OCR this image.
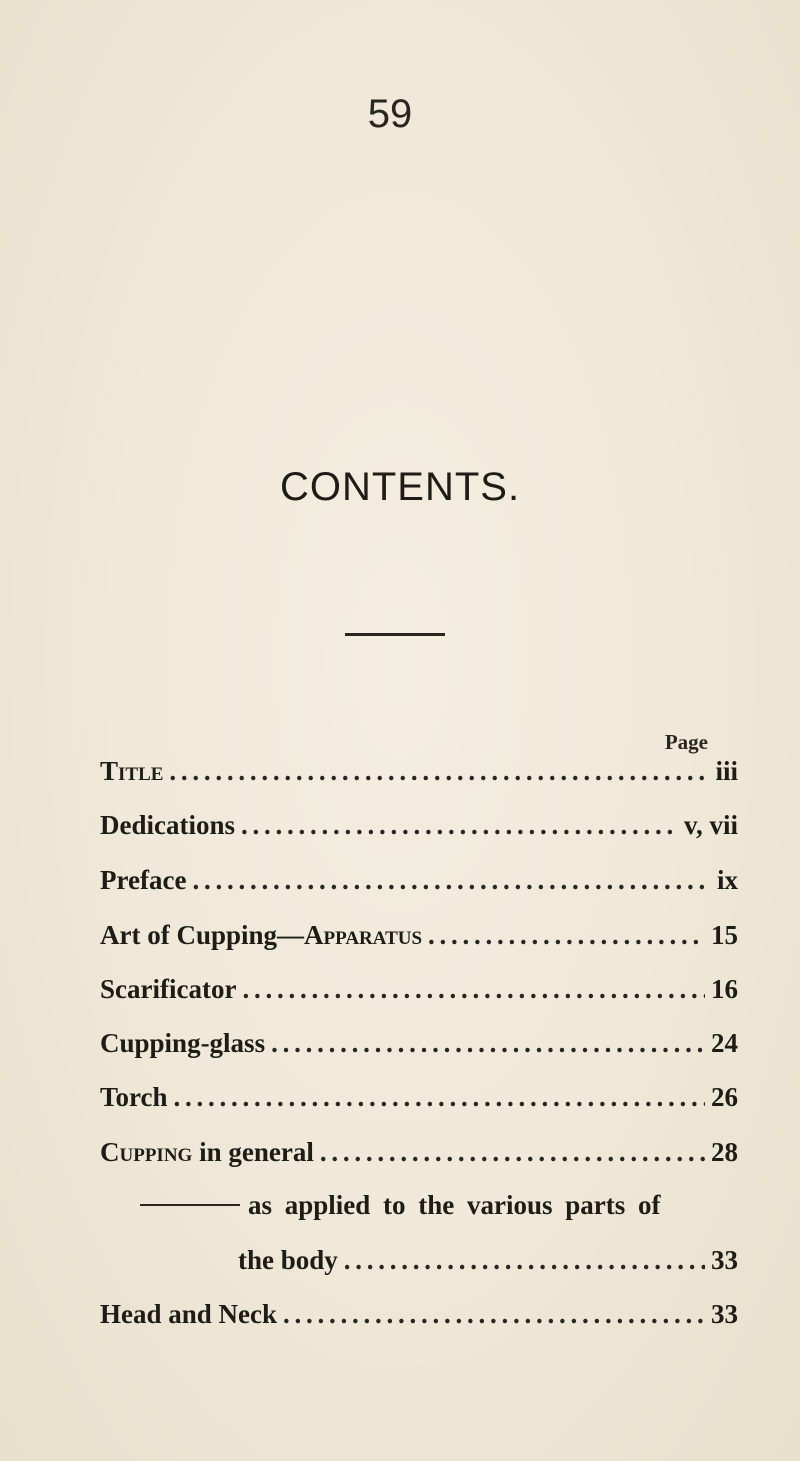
59
CONTENTS.
Page
Title . . .	iii
Dedications . . .	v, vii
Preface . . .	ix
Art of Cupping—Apparatus . . .	15
Scarificator . . .	16
Cupping-glass . . .	24
Torch . . .	26
Cupping in general . . .	28
as applied to the various parts of
the body . . .	33
Head and Neck . . .	33
